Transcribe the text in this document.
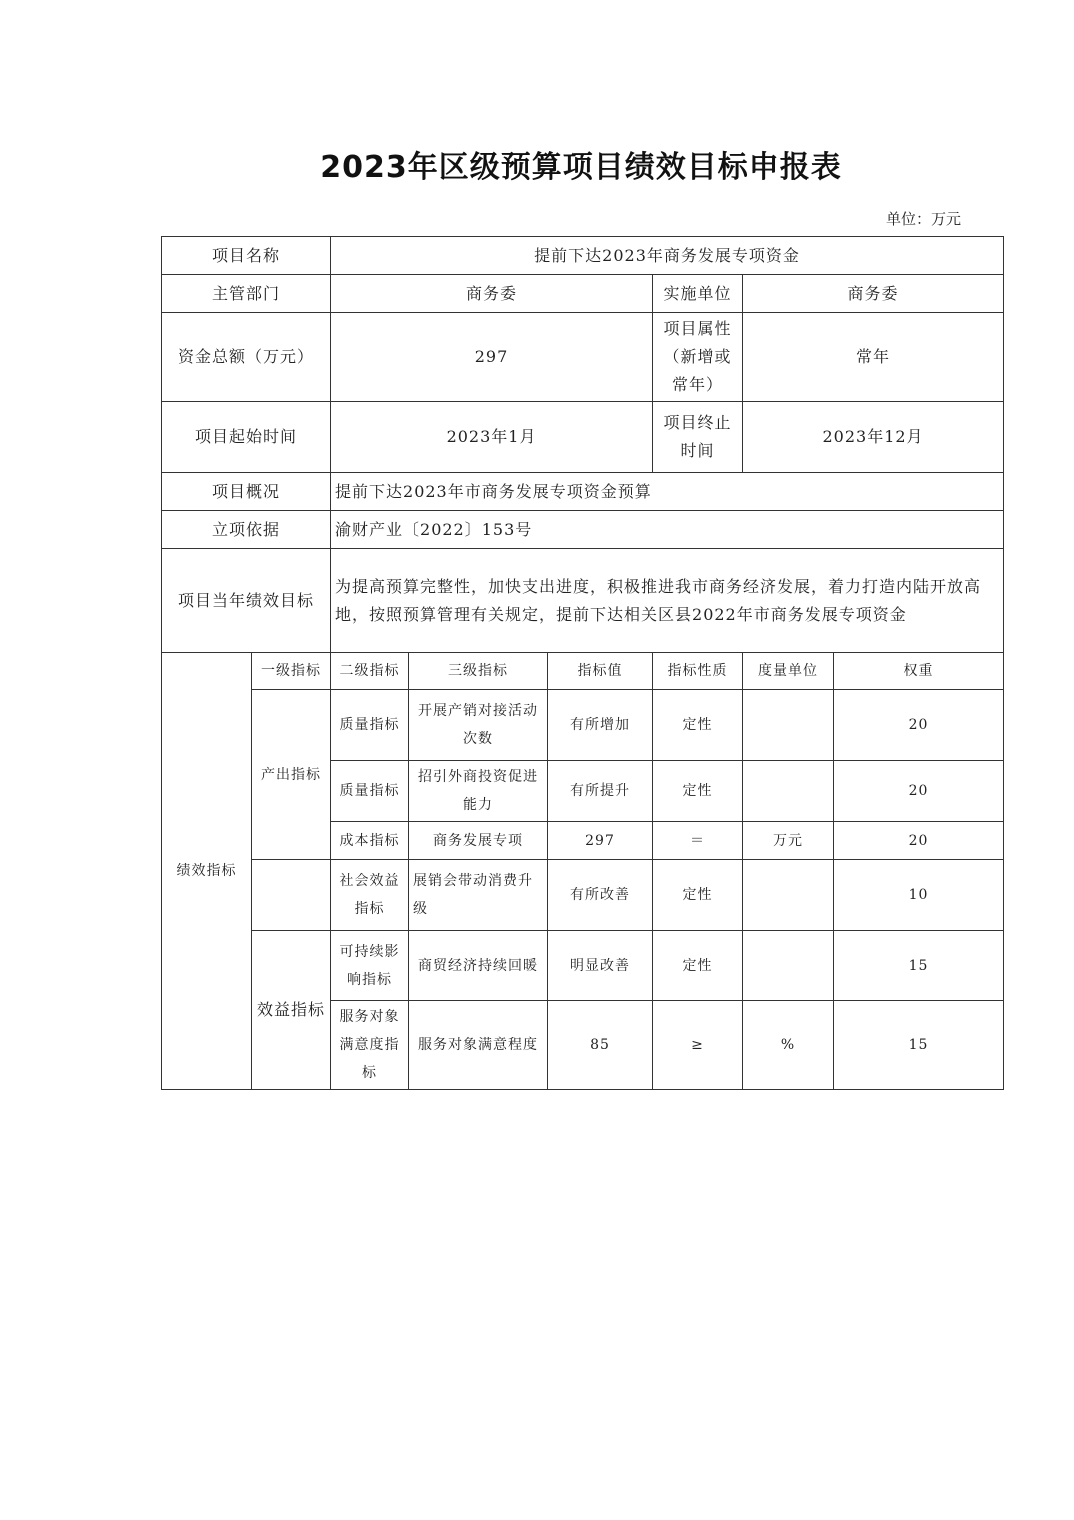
2023年区级预算项目绩效目标申报表
单位：万元
项目名称		提前下达2023年商务发展专项资金					
主管部门		商务委			实施单位	商务委	
资金总额（万元）		297			项目属性（新增或常年）	常年	
项目起始时间		2023年1月			项目终止时间	2023年12月	
项目概况		提前下达2023年市商务发展专项资金预算					
立项依据		渝财产业〔2022〕153号					
项目当年绩效目标		为提高预算完整性，加快支出进度，积极推进我市商务经济发展，着力打造内陆开放高地，按照预算管理有关规定，提前下达相关区县2022年市商务发展专项资金					
绩效指标	一级指标	二级指标	三级指标	指标值	指标性质	度量单位	权重
	产出指标	质量指标	开展产销对接活动次数	有所增加	定性		20
		质量指标	招引外商投资促进能力	有所提升	定性		20
		成本指标	商务发展专项	297	＝	万元	20
		社会效益指标	展销会带动消费升级	有所改善	定性		10
	效益指标	可持续影响指标	商贸经济持续回暖	明显改善	定性		15
		服务对象满意度指标	服务对象满意程度	85	≥	%	15
